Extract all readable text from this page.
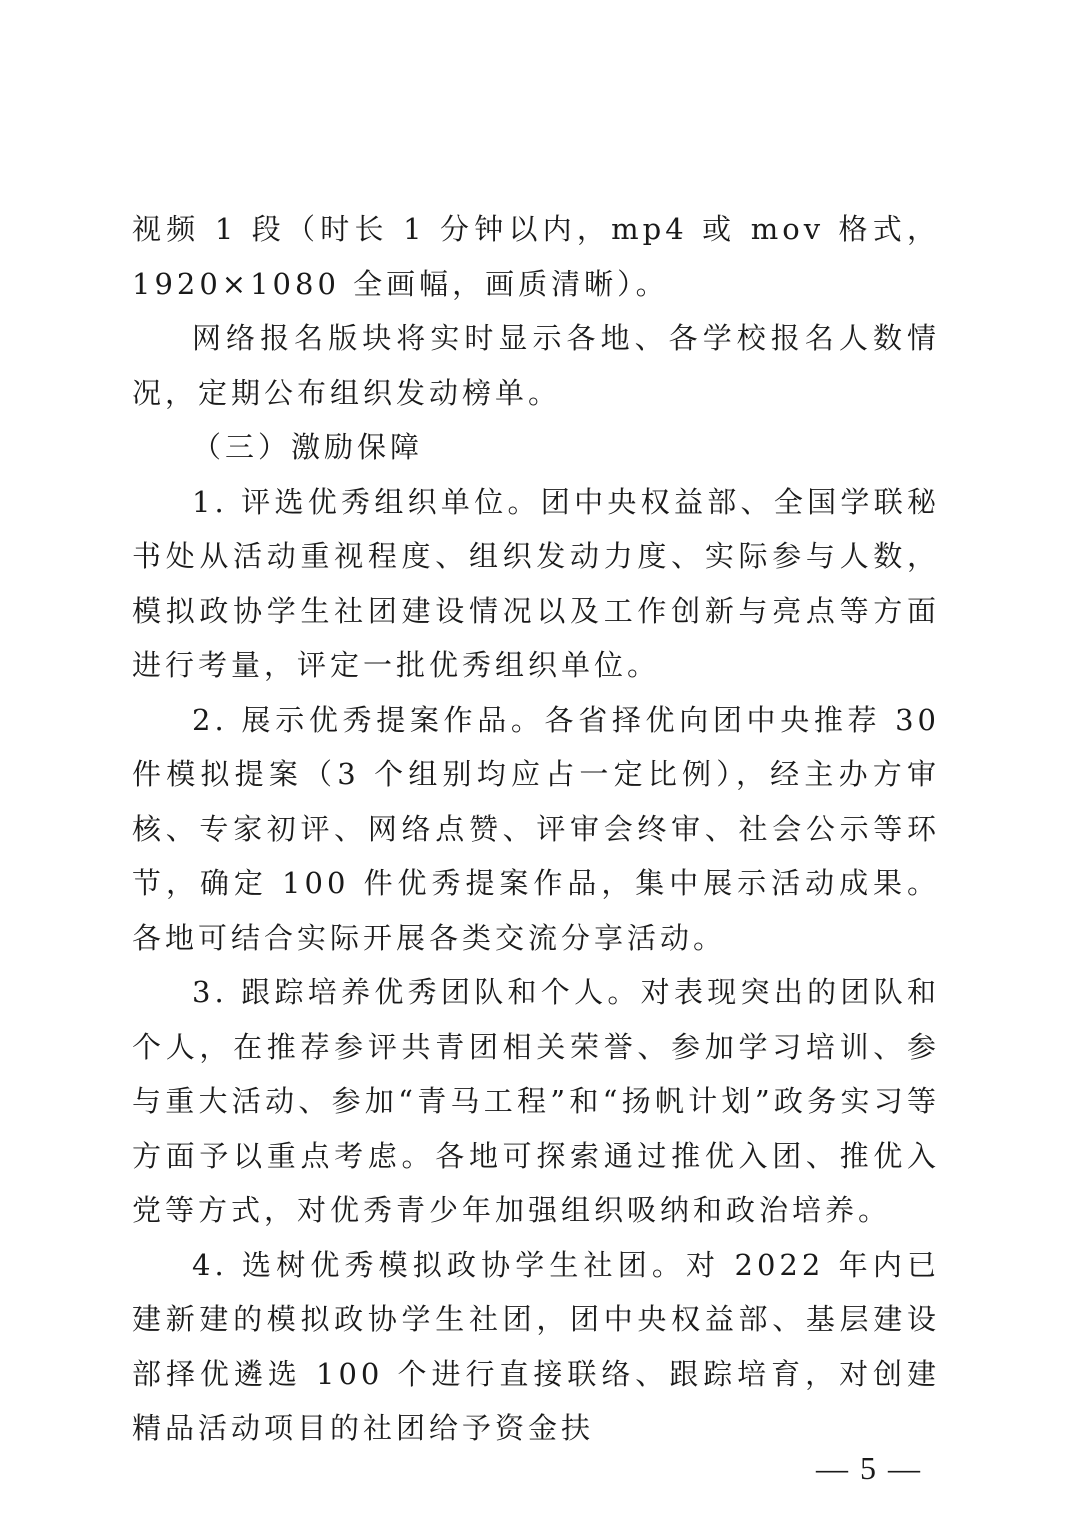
视频 1 段（时长 1 分钟以内，mp4 或 mov 格式，1920×1080 全画幅，画质清晰）。

网络报名版块将实时显示各地、各学校报名人数情况，定期公布组织发动榜单。

（三）激励保障

1. 评选优秀组织单位。团中央权益部、全国学联秘书处从活动重视程度、组织发动力度、实际参与人数，模拟政协学生社团建设情况以及工作创新与亮点等方面进行考量，评定一批优秀组织单位。

2. 展示优秀提案作品。各省择优向团中央推荐 30 件模拟提案（3 个组别均应占一定比例），经主办方审核、专家初评、网络点赞、评审会终审、社会公示等环节，确定 100 件优秀提案作品，集中展示活动成果。各地可结合实际开展各类交流分享活动。

3. 跟踪培养优秀团队和个人。对表现突出的团队和个人，在推荐参评共青团相关荣誉、参加学习培训、参与重大活动、参加“青马工程”和“扬帆计划”政务实习等方面予以重点考虑。各地可探索通过推优入团、推优入党等方式，对优秀青少年加强组织吸纳和政治培养。

4. 选树优秀模拟政协学生社团。对 2022 年内已建新建的模拟政协学生社团，团中央权益部、基层建设部择优遴选 100 个进行直接联络、跟踪培育，对创建精品活动项目的社团给予资金扶

— 5 —
